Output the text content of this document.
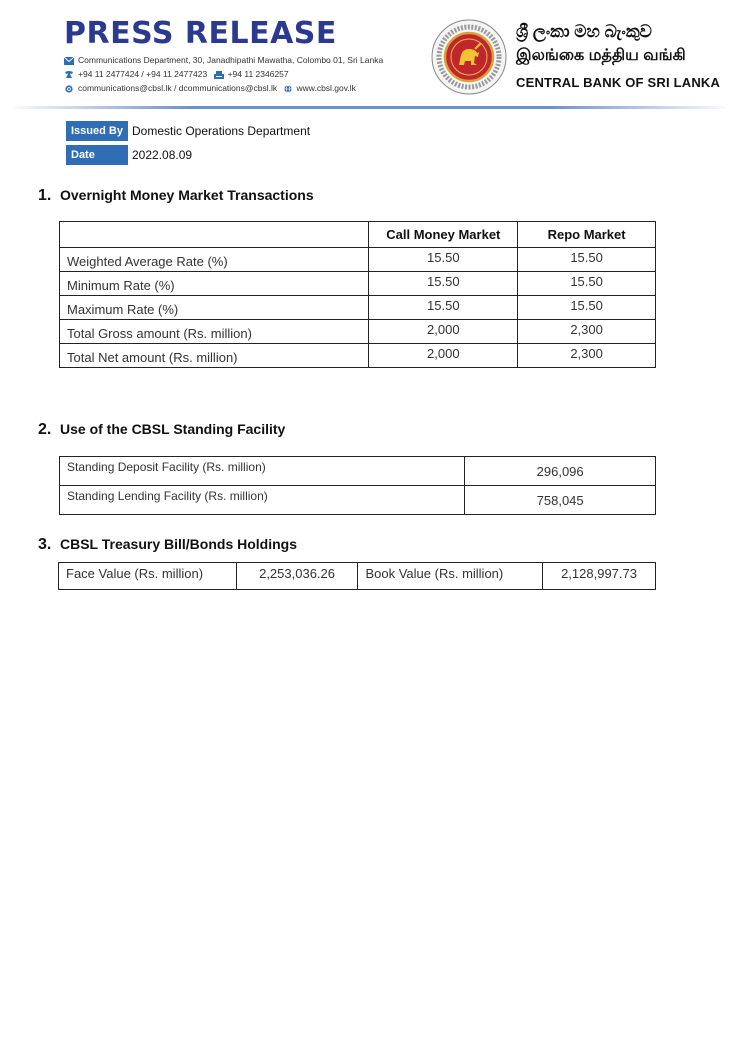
PRESS RELEASE
Communications Department, 30, Janadhipathi Mawatha, Colombo 01, Sri Lanka
+94 11 2477424 / +94 11 2477423 +94 11 2346257
communications@cbsl.lk / dcommunications@cbsl.lk www.cbsl.gov.lk
ශ්‍රී ලංකා මහ බැංකුව
இலங்கை மத்திய வங்கி
CENTRAL BANK OF SRI LANKA
Issued By Domestic Operations Department
Date	2022.08.09
1. Overnight Money Market Transactions
	Call Money Market	Repo Market
Weighted Average Rate (%)	15.50	15.50
Minimum Rate (%)	15.50	15.50
Maximum Rate (%)	15.50	15.50
Total Gross amount (Rs. million)	2,000	2,300
Total Net amount (Rs. million)	2,000	2,300
2. Use of the CBSL Standing Facility
Standing Deposit Facility (Rs. million)	296,096
Standing Lending Facility (Rs. million)	758,045
3. CBSL Treasury Bill/Bonds Holdings
Face Value (Rs. million)	2,253,036.26	Book Value (Rs. million)	2,128,997.73
